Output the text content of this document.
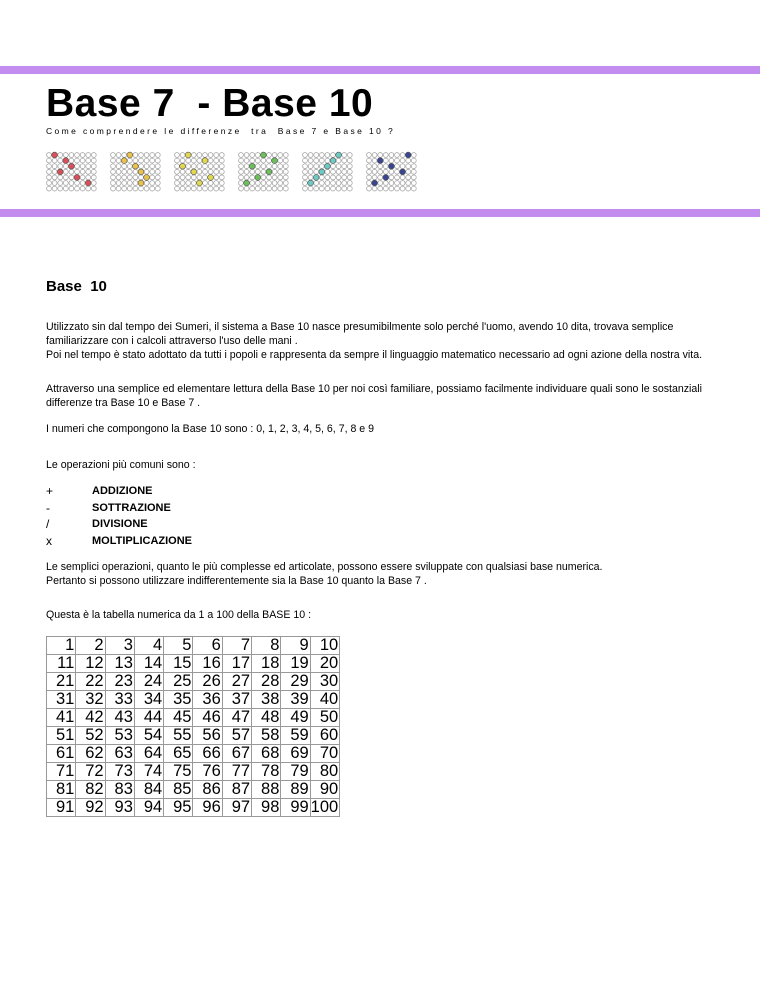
Base 7  - Base 10
Come comprendere le differenze  tra  Base 7 e Base 10 ?
Base  10

Utilizzato sin dal tempo dei Sumeri, il sistema a Base 10 nasce presumibilmente solo perché l'uomo, avendo 10 dita, trovava semplice familiarizzare con i calcoli attraverso l'uso delle mani .

Poi nel tempo è stato adottato da tutti i popoli e rappresenta da sempre il linguaggio matematico necessario ad ogni azione della nostra vita.

Attraverso una semplice ed elementare lettura della Base 10 per noi così familiare, possiamo facilmente individuare quali sono le sostanziali differenze tra Base 10 e Base 7 .

I numeri che compongono la Base 10 sono : 0, 1, 2, 3, 4, 5, 6, 7, 8 e 9

Le operazioni più comuni sono :

+	ADDIZIONE
-	SOTTRAZIONE
/	DIVISIONE
x	MOLTIPLICAZIONE

Le semplici operazioni, quanto le più complesse ed articolate, possono essere sviluppate con qualsiasi base numerica.

Pertanto si possono utilizzare indifferentemente sia la Base 10 quanto la Base 7 .

Questa è la tabella numerica da 1 a 100 della BASE 10 :

1	2	3	4	5	6	7	8	9	10
11	12	13	14	15	16	17	18	19	20
21	22	23	24	25	26	27	28	29	30
31	32	33	34	35	36	37	38	39	40
41	42	43	44	45	46	47	48	49	50
51	52	53	54	55	56	57	58	59	60
61	62	63	64	65	66	67	68	69	70
71	72	73	74	75	76	77	78	79	80
81	82	83	84	85	86	87	88	89	90
91	92	93	94	95	96	97	98	99	100
